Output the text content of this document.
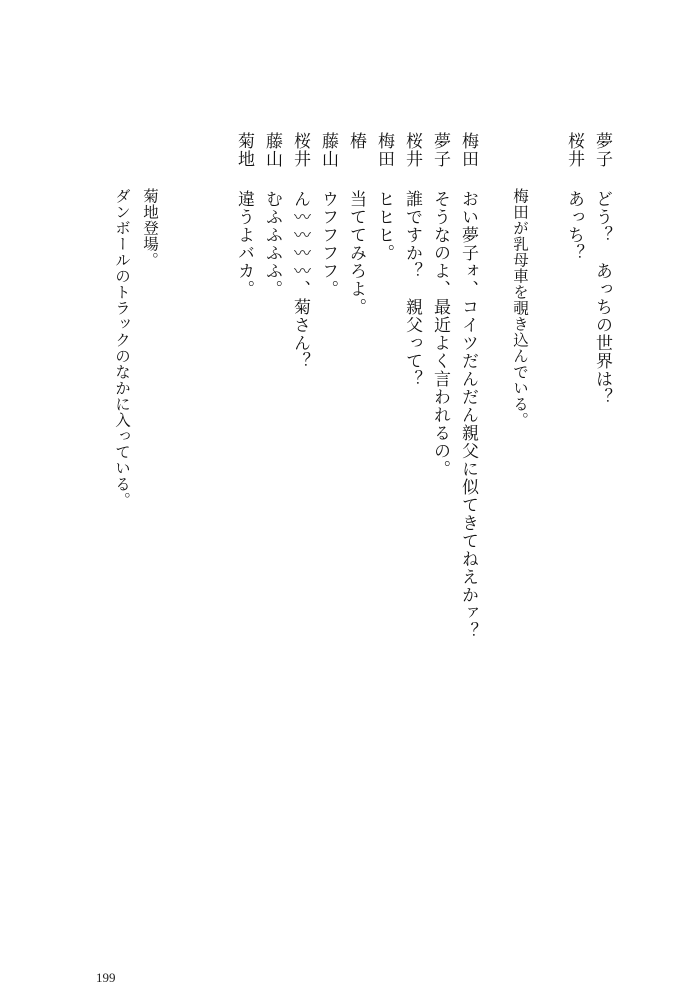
夢子
どう？　あっちの世界は？
桜井
あっち？
梅田が乳母車を覗き込んでいる。
梅田
おい夢子ォ、コイツだんだん親父に似てきてねえかァ？
夢子
そうなのよ、最近よく言われるの。
桜井
誰ですか？　親父って？
梅田
ヒヒヒ。
椿
当ててみろよ。
藤山
ウフフフフ。
桜井
ん〰〰〰〰、菊さん？
藤山
むふふふふ。
菊地
違うよバカ。
菊地登場。
ダンボールのトラックのなかに入っている。
199
